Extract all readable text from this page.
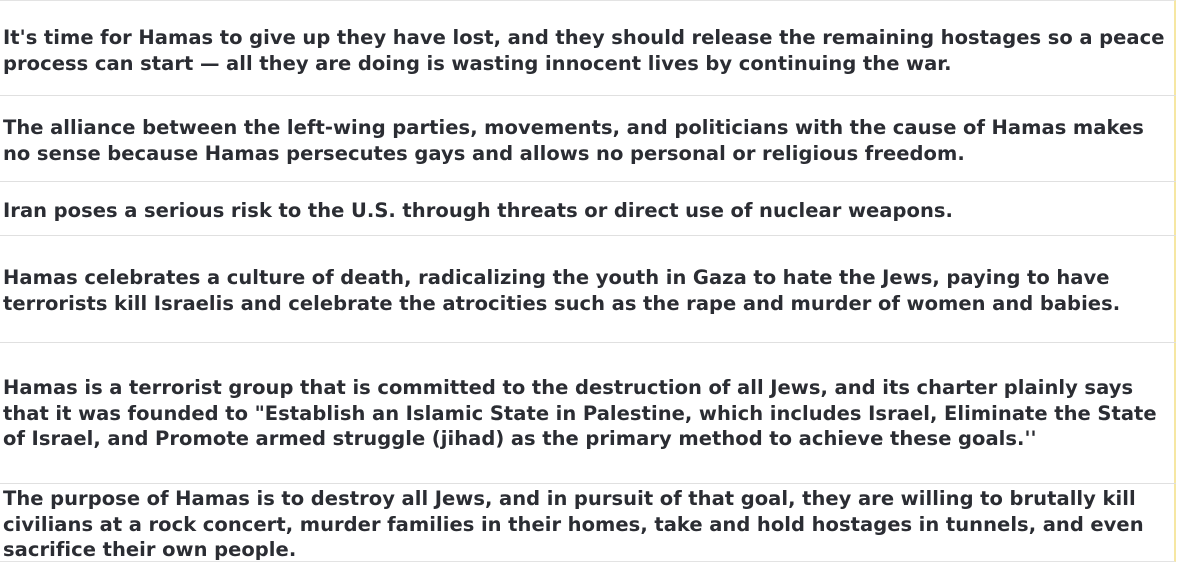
It's time for Hamas to give up they have lost, and they should release the remaining hostages so a peace process can start — all they are doing is wasting innocent lives by continuing the war.

The alliance between the left-wing parties, movements, and politicians with the cause of Hamas makes no sense because Hamas persecutes gays and allows no personal or religious freedom.

Iran poses a serious risk to the U.S. through threats or direct use of nuclear weapons.

Hamas celebrates a culture of death, radicalizing the youth in Gaza to hate the Jews, paying to have terrorists kill Israelis and celebrate the atrocities such as the rape and murder of women and babies.

Hamas is a terrorist group that is committed to the destruction of all Jews, and its charter plainly says that it was founded to "Establish an Islamic State in Palestine, which includes Israel, Eliminate the State of Israel, and Promote armed struggle (jihad) as the primary method to achieve these goals.''

The purpose of Hamas is to destroy all Jews, and in pursuit of that goal, they are willing to brutally kill civilians at a rock concert, murder families in their homes, take and hold hostages in tunnels, and even sacrifice their own people.
